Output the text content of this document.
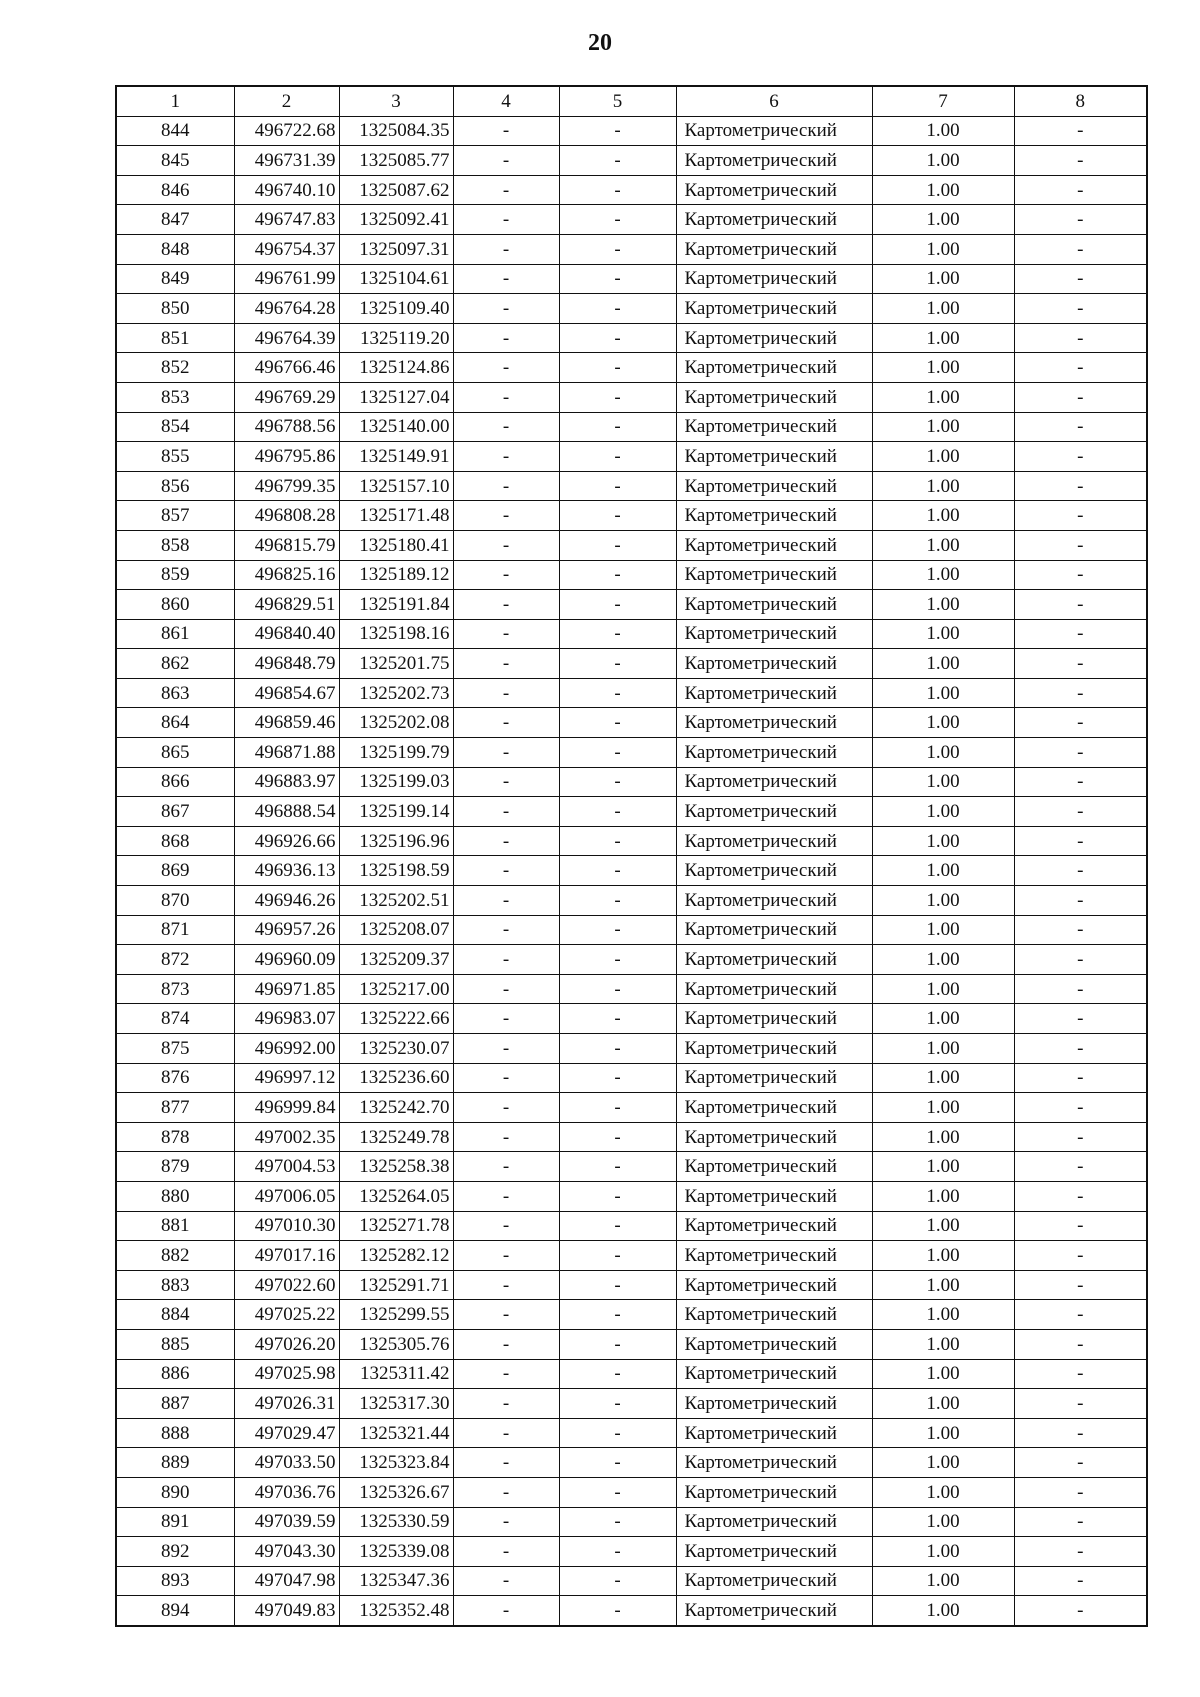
20
1	2	3	4	5	6	7	8
844	496722.68	1325084.35	-	-	Картометрический	1.00	-
845	496731.39	1325085.77	-	-	Картометрический	1.00	-
846	496740.10	1325087.62	-	-	Картометрический	1.00	-
847	496747.83	1325092.41	-	-	Картометрический	1.00	-
848	496754.37	1325097.31	-	-	Картометрический	1.00	-
849	496761.99	1325104.61	-	-	Картометрический	1.00	-
850	496764.28	1325109.40	-	-	Картометрический	1.00	-
851	496764.39	1325119.20	-	-	Картометрический	1.00	-
852	496766.46	1325124.86	-	-	Картометрический	1.00	-
853	496769.29	1325127.04	-	-	Картометрический	1.00	-
854	496788.56	1325140.00	-	-	Картометрический	1.00	-
855	496795.86	1325149.91	-	-	Картометрический	1.00	-
856	496799.35	1325157.10	-	-	Картометрический	1.00	-
857	496808.28	1325171.48	-	-	Картометрический	1.00	-
858	496815.79	1325180.41	-	-	Картометрический	1.00	-
859	496825.16	1325189.12	-	-	Картометрический	1.00	-
860	496829.51	1325191.84	-	-	Картометрический	1.00	-
861	496840.40	1325198.16	-	-	Картометрический	1.00	-
862	496848.79	1325201.75	-	-	Картометрический	1.00	-
863	496854.67	1325202.73	-	-	Картометрический	1.00	-
864	496859.46	1325202.08	-	-	Картометрический	1.00	-
865	496871.88	1325199.79	-	-	Картометрический	1.00	-
866	496883.97	1325199.03	-	-	Картометрический	1.00	-
867	496888.54	1325199.14	-	-	Картометрический	1.00	-
868	496926.66	1325196.96	-	-	Картометрический	1.00	-
869	496936.13	1325198.59	-	-	Картометрический	1.00	-
870	496946.26	1325202.51	-	-	Картометрический	1.00	-
871	496957.26	1325208.07	-	-	Картометрический	1.00	-
872	496960.09	1325209.37	-	-	Картометрический	1.00	-
873	496971.85	1325217.00	-	-	Картометрический	1.00	-
874	496983.07	1325222.66	-	-	Картометрический	1.00	-
875	496992.00	1325230.07	-	-	Картометрический	1.00	-
876	496997.12	1325236.60	-	-	Картометрический	1.00	-
877	496999.84	1325242.70	-	-	Картометрический	1.00	-
878	497002.35	1325249.78	-	-	Картометрический	1.00	-
879	497004.53	1325258.38	-	-	Картометрический	1.00	-
880	497006.05	1325264.05	-	-	Картометрический	1.00	-
881	497010.30	1325271.78	-	-	Картометрический	1.00	-
882	497017.16	1325282.12	-	-	Картометрический	1.00	-
883	497022.60	1325291.71	-	-	Картометрический	1.00	-
884	497025.22	1325299.55	-	-	Картометрический	1.00	-
885	497026.20	1325305.76	-	-	Картометрический	1.00	-
886	497025.98	1325311.42	-	-	Картометрический	1.00	-
887	497026.31	1325317.30	-	-	Картометрический	1.00	-
888	497029.47	1325321.44	-	-	Картометрический	1.00	-
889	497033.50	1325323.84	-	-	Картометрический	1.00	-
890	497036.76	1325326.67	-	-	Картометрический	1.00	-
891	497039.59	1325330.59	-	-	Картометрический	1.00	-
892	497043.30	1325339.08	-	-	Картометрический	1.00	-
893	497047.98	1325347.36	-	-	Картометрический	1.00	-
894	497049.83	1325352.48	-	-	Картометрический	1.00	-
